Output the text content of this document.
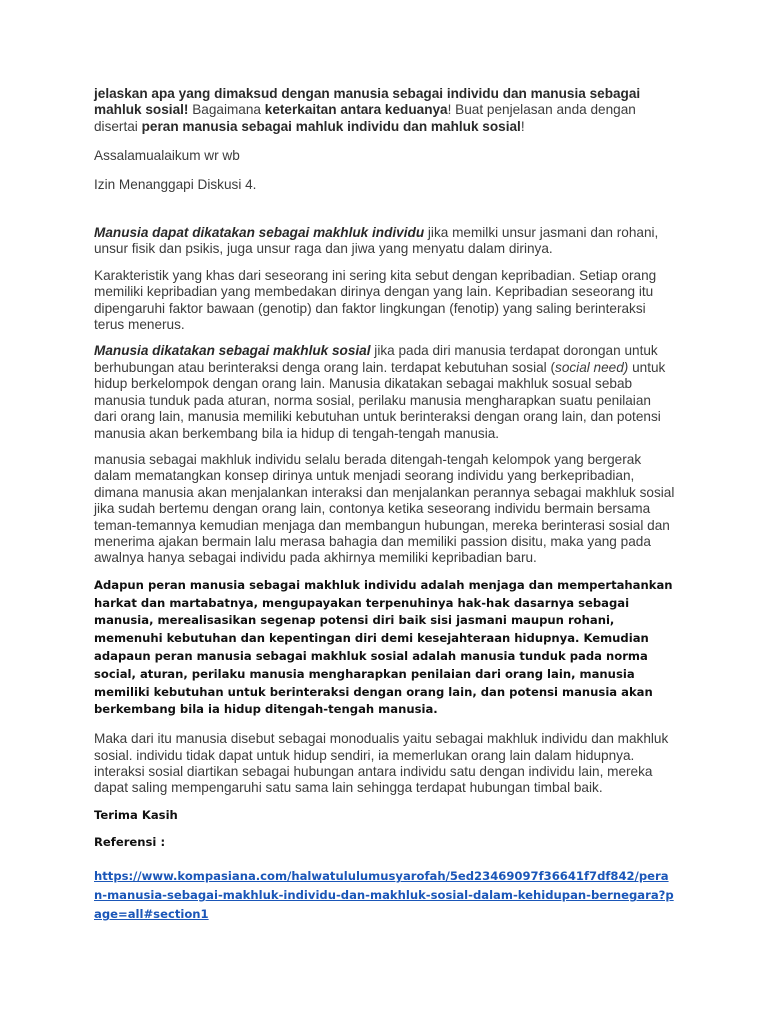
jelaskan apa yang dimaksud dengan manusia sebagai individu dan manusia sebagai mahluk sosial! Bagaimana keterkaitan antara keduanya! Buat penjelasan anda dengan disertai peran manusia sebagai mahluk individu dan mahluk sosial!

Assalamualaikum wr wb

Izin Menanggapi Diskusi 4.

Manusia dapat dikatakan sebagai makhluk individu jika memilki unsur jasmani dan rohani, unsur fisik dan psikis, juga unsur raga dan jiwa yang menyatu dalam dirinya.

Karakteristik yang khas dari seseorang ini sering kita sebut dengan kepribadian. Setiap orang memiliki kepribadian yang membedakan dirinya dengan yang lain. Kepribadian seseorang itu dipengaruhi faktor bawaan (genotip) dan faktor lingkungan (fenotip) yang saling berinteraksi terus menerus.

Manusia dikatakan sebagai makhluk sosial jika pada diri manusia terdapat dorongan untuk berhubungan atau berinteraksi denga orang lain. terdapat kebutuhan sosial (social need) untuk hidup berkelompok dengan orang lain. Manusia dikatakan sebagai makhluk sosual sebab manusia tunduk pada aturan, norma sosial, perilaku manusia mengharapkan suatu penilaian dari orang lain, manusia memiliki kebutuhan untuk berinteraksi dengan orang lain, dan potensi manusia akan berkembang bila ia hidup di tengah-tengah manusia.

manusia sebagai makhluk individu selalu berada ditengah-tengah kelompok yang bergerak dalam mematangkan konsep dirinya untuk menjadi seorang individu yang berkepribadian, dimana manusia akan menjalankan interaksi dan menjalankan perannya sebagai makhluk sosial jika sudah bertemu dengan orang lain, contonya ketika seseorang individu bermain bersama teman-temannya kemudian menjaga dan membangun hubungan, mereka berinterasi sosial dan menerima ajakan bermain lalu merasa bahagia dan memiliki passion disitu, maka yang pada awalnya hanya sebagai individu pada akhirnya memiliki kepribadian baru.

Adapun peran manusia sebagai makhluk individu adalah menjaga dan mempertahankan harkat dan martabatnya, mengupayakan terpenuhinya hak-hak dasarnya sebagai manusia, merealisasikan segenap potensi diri baik sisi jasmani maupun rohani, memenuhi kebutuhan dan kepentingan diri demi kesejahteraan hidupnya. Kemudian adapaun peran manusia sebagai makhluk sosial adalah manusia tunduk pada norma social, aturan, perilaku manusia mengharapkan penilaian dari orang lain, manusia memiliki kebutuhan untuk berinteraksi dengan orang lain, dan potensi manusia akan berkembang bila ia hidup ditengah-tengah manusia.

Maka dari itu manusia disebut sebagai monodualis yaitu sebagai makhluk individu dan makhluk sosial. individu tidak dapat untuk hidup sendiri, ia memerlukan orang lain dalam hidupnya. interaksi sosial diartikan sebagai hubungan antara individu satu dengan individu lain, mereka dapat saling mempengaruhi satu sama lain sehingga terdapat hubungan timbal baik.

Terima Kasih

Referensi :

https://www.kompasiana.com/halwatululumusyarofah/5ed23469097f36641f7df842/peran-manusia-sebagai-makhluk-individu-dan-makhluk-sosial-dalam-kehidupan-bernegara?page=all#section1
